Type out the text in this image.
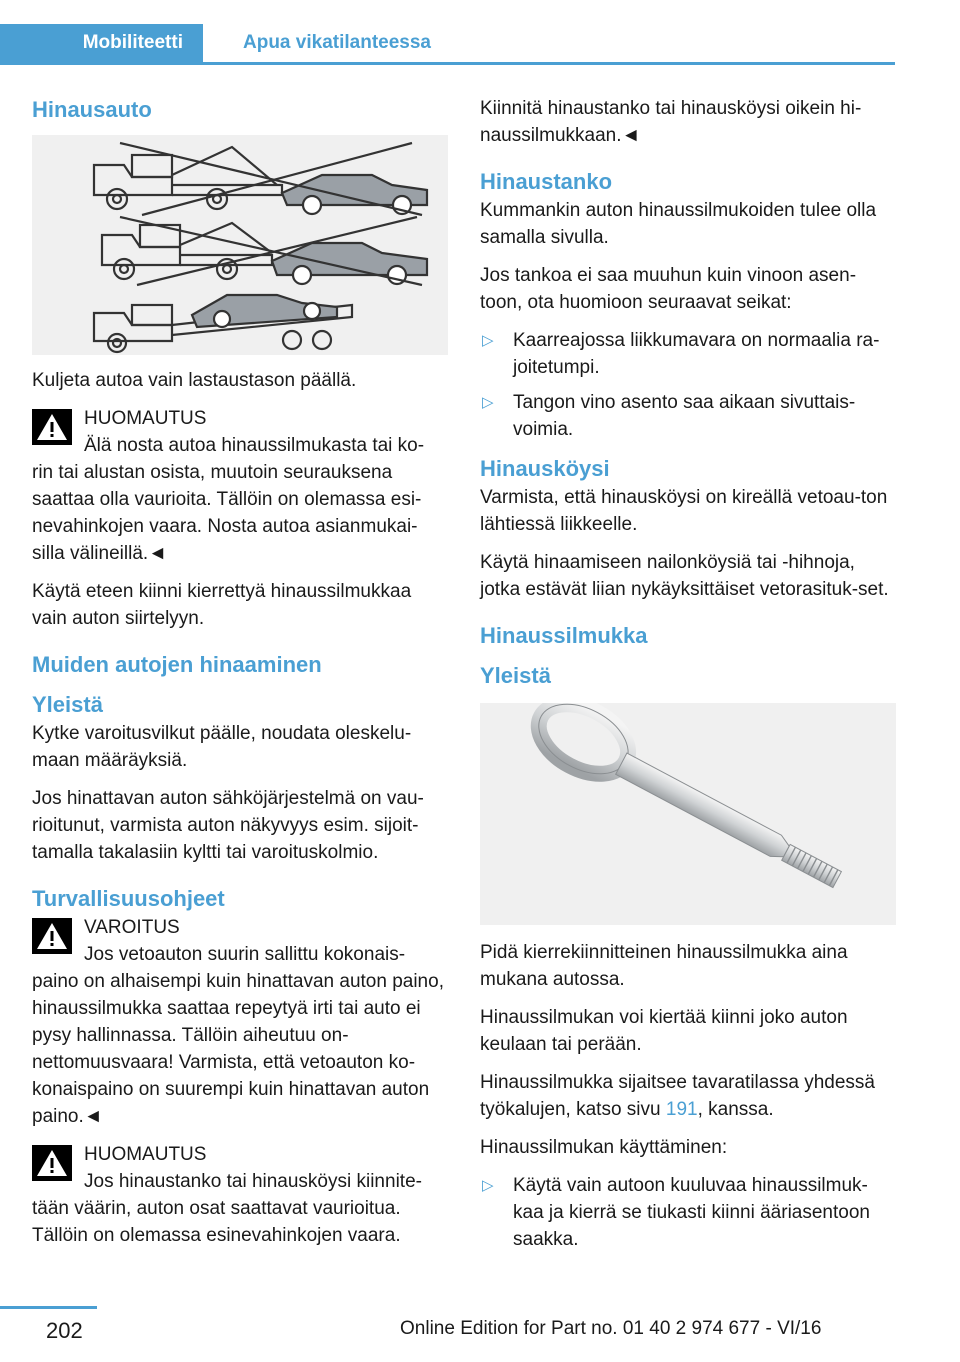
Mobiliteetti	Apua vikatilanteessa
Hinausauto

Kuljeta autoa vain lastaustason päällä.

HUOMAUTUS
Älä nosta autoa hinaussilmukasta tai ko-
rin tai alustan osista, muutoin seurauksena saattaa olla vaurioita. Tällöin on olemassa esi-nevahinkojen vaara. Nosta autoa asianmukai-silla välineillä.◄

Käytä eteen kiinni kierrettyä hinaussilmukkaa vain auton siirtelyyn.

Muiden autojen hinaaminen
Yleistä

Kytke varoitusvilkut päälle, noudata oleskelu-maan määräyksiä.

Jos hinattavan auton sähköjärjestelmä on vau-rioitunut, varmista auton näkyvyys esim. sijoit-tamalla takalasiin kyltti tai varoituskolmio.

Turvallisuusohjeet
VAROITUS
Jos vetoauton suurin sallittu kokonais-
paino on alhaisempi kuin hinattavan auton paino, hinaussilmukka saattaa repeytyä irti tai auto ei pysy hallinnassa. Tällöin aiheutuu on-nettomuusvaara! Varmista, että vetoauton ko-konaispaino on suurempi kuin hinattavan auton paino.◄
HUOMAUTUS
Jos hinaustanko tai hinausköysi kiinnite-
tään väärin, auton osat saattavat vaurioitua. Tällöin on olemassa esinevahinkojen vaara.

Kiinnitä hinaustanko tai hinausköysi oikein hi-naussilmukkaan.◄

Hinaustanko

Kummankin auton hinaussilmukoiden tulee olla samalla sivulla.

Jos tankoa ei saa muuhun kuin vinoon asen-toon, ota huomioon seuraavat seikat:

▷ Kaarreajossa liikkumavara on normaalia ra-joitetumpi.
▷ Tangon vino asento saa aikaan sivuttais-voimia.
Hinausköysi

Varmista, että hinausköysi on kireällä vetoau-ton lähtiessä liikkeelle.

Käytä hinaamiseen nailonköysiä tai -hihnoja, jotka estävät liian nykäyksittäiset vetorasituk-set.

Hinaussilmukka
Yleistä

Pidä kierrekiinnitteinen hinaussilmukka aina mukana autossa.

Hinaussilmukan voi kiertää kiinni joko auton keulaan tai perään.

Hinaussilmukka sijaitsee tavaratilassa yhdessä työkalujen, katso sivu 191, kanssa.

Hinaussilmukan käyttäminen:

▷ Käytä vain autoon kuuluvaa hinaussilmuk-kaa ja kierrä se tiukasti kiinni ääriasentoon saakka.
202	Online Edition for Part no. 01 40 2 974 677 - VI/16
